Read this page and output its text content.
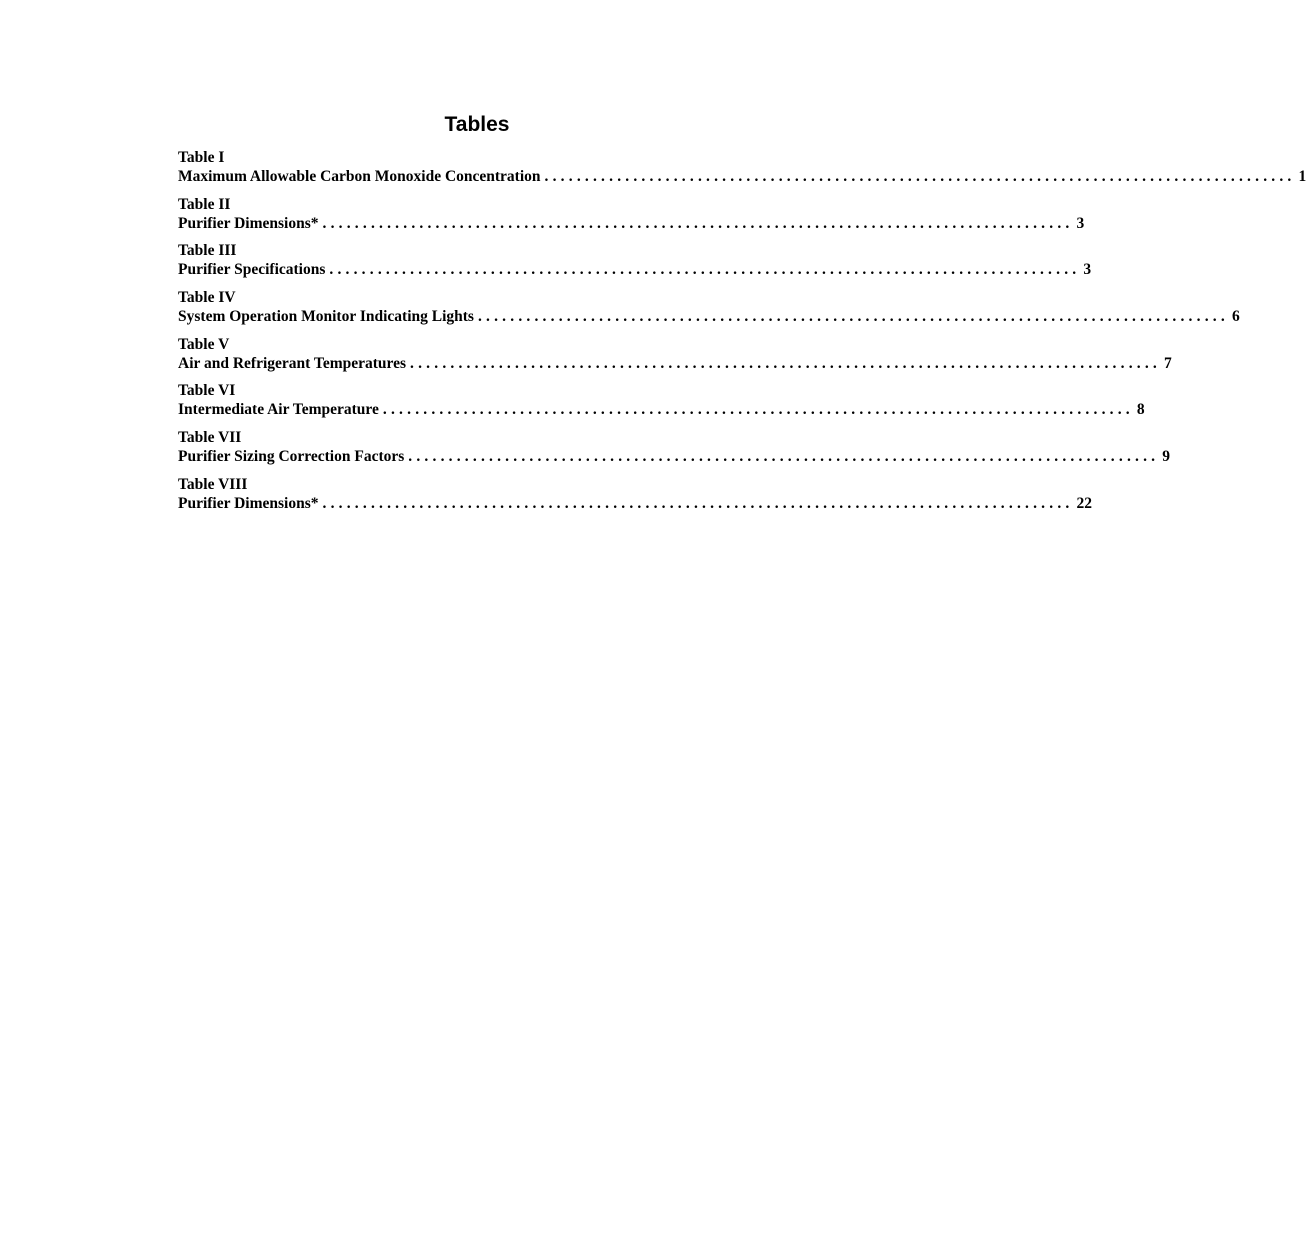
Tables
Table I
Maximum Allowable Carbon Monoxide Concentration ............................................................................................. 1
Table II
Purifier Dimensions* ............................................................................................. 3
Table III
Purifier Specifications ............................................................................................. 3
Table IV
System Operation Monitor Indicating Lights ............................................................................................. 6
Table V
Air and Refrigerant Temperatures ............................................................................................. 7
Table VI
Intermediate Air Temperature ............................................................................................. 8
Table VII
Purifier Sizing Correction Factors ............................................................................................. 9
Table VIII
Purifier Dimensions* ............................................................................................. 22
